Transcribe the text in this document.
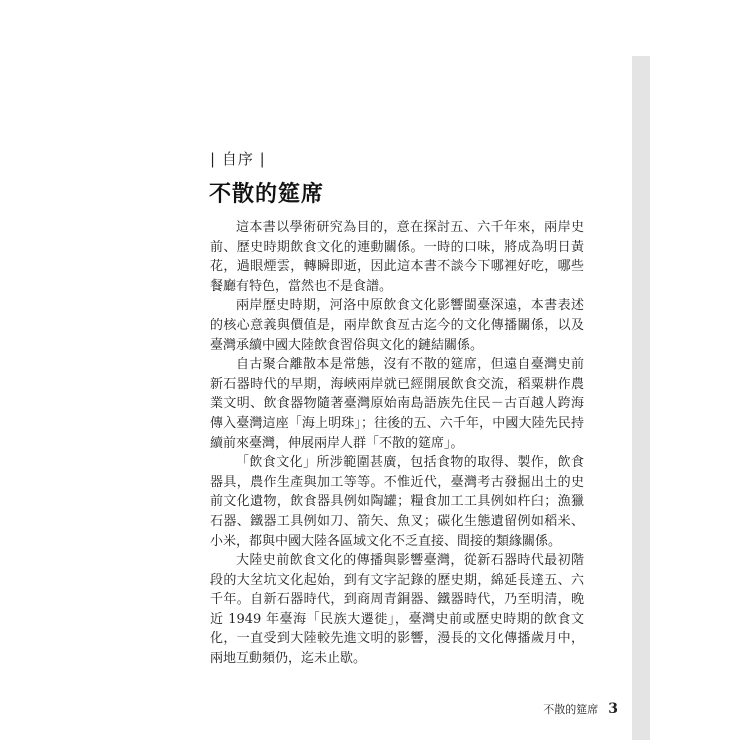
| 自序 |
不散的筵席

這本書以學術研究為目的，意在探討五、六千年來，兩岸史前、歷史時期飲食文化的連動關係。一時的口味，將成為明日黃花，過眼煙雲，轉瞬即逝，因此這本書不談今下哪裡好吃，哪些餐廳有特色，當然也不是食譜。

兩岸歷史時期，河洛中原飲食文化影響閩臺深遠，本書表述的核心意義與價值是，兩岸飲食亙古迄今的文化傳播關係，以及臺灣承續中國大陸飲食習俗與文化的鏈結關係。

自古聚合離散本是常態，沒有不散的筵席，但遠自臺灣史前新石器時代的早期，海峽兩岸就已經開展飲食交流，稻粟耕作農業文明、飲食器物隨著臺灣原始南島語族先住民－古百越人跨海傳入臺灣這座「海上明珠」；往後的五、六千年，中國大陸先民持續前來臺灣，伸展兩岸人群「不散的筵席」。

「飲食文化」所涉範圍甚廣，包括食物的取得、製作，飲食器具，農作生產與加工等等。不惟近代，臺灣考古發掘出土的史前文化遺物，飲食器具例如陶罐；糧食加工工具例如杵臼；漁獵石器、鐵器工具例如刀、箭矢、魚叉；碳化生態遺留例如稻米、小米，都與中國大陸各區域文化不乏直接、間接的類緣關係。

大陸史前飲食文化的傳播與影響臺灣，從新石器時代最初階段的大坌坑文化起始，到有文字記錄的歷史期，綿延長達五、六千年。自新石器時代，到商周青銅器、鐵器時代，乃至明清，晚近 1949 年臺海「民族大遷徙」，臺灣史前或歷史時期的飲食文化，一直受到大陸較先進文明的影響，漫長的文化傳播歲月中，兩地互動頻仍，迄未止歇。

不散的筵席 3
